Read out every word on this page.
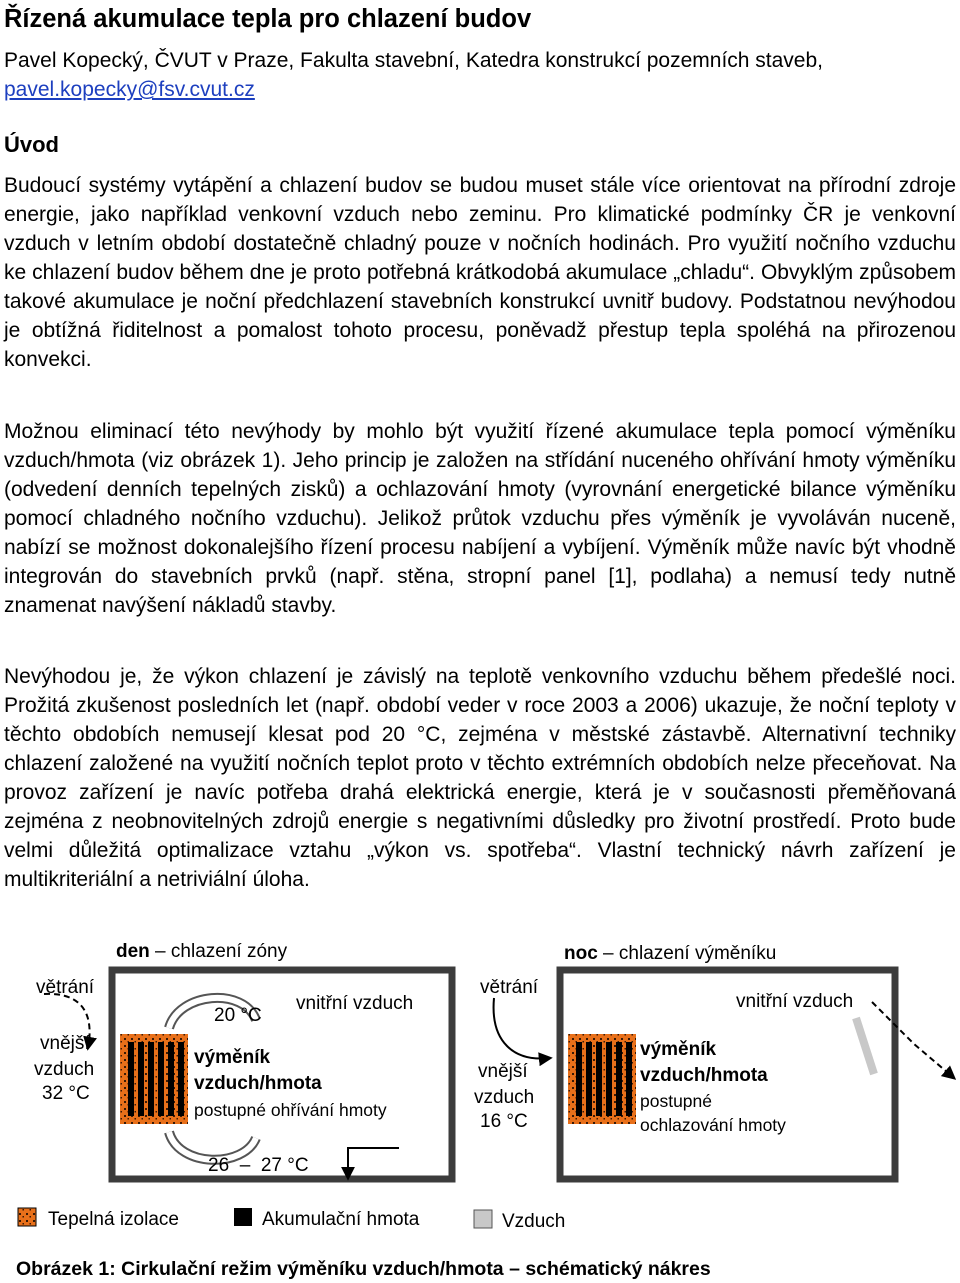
Řízená akumulace tepla pro chlazení budov

Pavel Kopecký, ČVUT v Praze, Fakulta stavební, Katedra konstrukcí pozemních staveb, pavel.kopecky@fsv.cvut.cz

Úvod

Budoucí systémy vytápění a chlazení budov se budou muset stále více orientovat na přírodní zdroje energie, jako například venkovní vzduch nebo zeminu. Pro klimatické podmínky ČR je venkovní vzduch v letním období dostatečně chladný pouze v nočních hodinách. Pro využití nočního vzduchu ke chlazení budov během dne je proto potřebná krátkodobá akumulace „chladu“. Obvyklým způsobem takové akumulace je noční předchlazení stavebních konstrukcí uvnitř budovy. Podstatnou nevýhodou je obtížná řiditelnost a pomalost tohoto procesu, poněvadž přestup tepla spoléhá na přirozenou konvekci.

Možnou eliminací této nevýhody by mohlo být využití řízené akumulace tepla pomocí výměníku vzduch/hmota (viz obrázek 1). Jeho princip je založen na střídání nuceného ohřívání hmoty výměníku (odvedení denních tepelných zisků) a ochlazování hmoty (vyrovnání energetické bilance výměníku pomocí chladného nočního vzduchu). Jelikož průtok vzduchu přes výměník je vyvoláván nuceně, nabízí se možnost dokonalejšího řízení procesu nabíjení a vybíjení. Výměník může navíc být vhodně integrován do stavebních prvků (např. stěna, stropní panel [1], podlaha) a nemusí tedy nutně znamenat navýšení nákladů stavby.

Nevýhodou je, že výkon chlazení je závislý na teplotě venkovního vzduchu během předešlé noci. Prožitá zkušenost posledních let (např. období veder v roce 2003 a 2006) ukazuje, že noční teploty v těchto obdobích nemusejí klesat pod 20 °C, zejména v městské zástavbě. Alternativní techniky chlazení založené na využití nočních teplot proto v těchto extrémních obdobích nelze přeceňovat. Na provoz zařízení je navíc potřeba drahá elektrická energie, která je v současnosti přeměňovaná zejména z neobnovitelných zdrojů energie s negativními důsledky pro životní prostředí. Proto bude velmi důležitá optimalizace vztahu „výkon vs. spotřeba“. Vlastní technický návrh zařízení je multikriteriální a netriviální úloha.

den – chlazení zóny
větrání
vnější
vzduch
32 °C
20 °C
vnitřní vzduch
výměník
vzduch/hmota
postupné ohřívání hmoty
26 – 27 °C
noc – chlazení výměníku
větrání
vnitřní vzduch
vnější
vzduch
16 °C
výměník
vzduch/hmota
postupné
ochlazování hmoty
Tepelná izolace	Akumulační hmota	Vzduch

Obrázek 1: Cirkulační režim výměníku vzduch/hmota – schématický nákres
